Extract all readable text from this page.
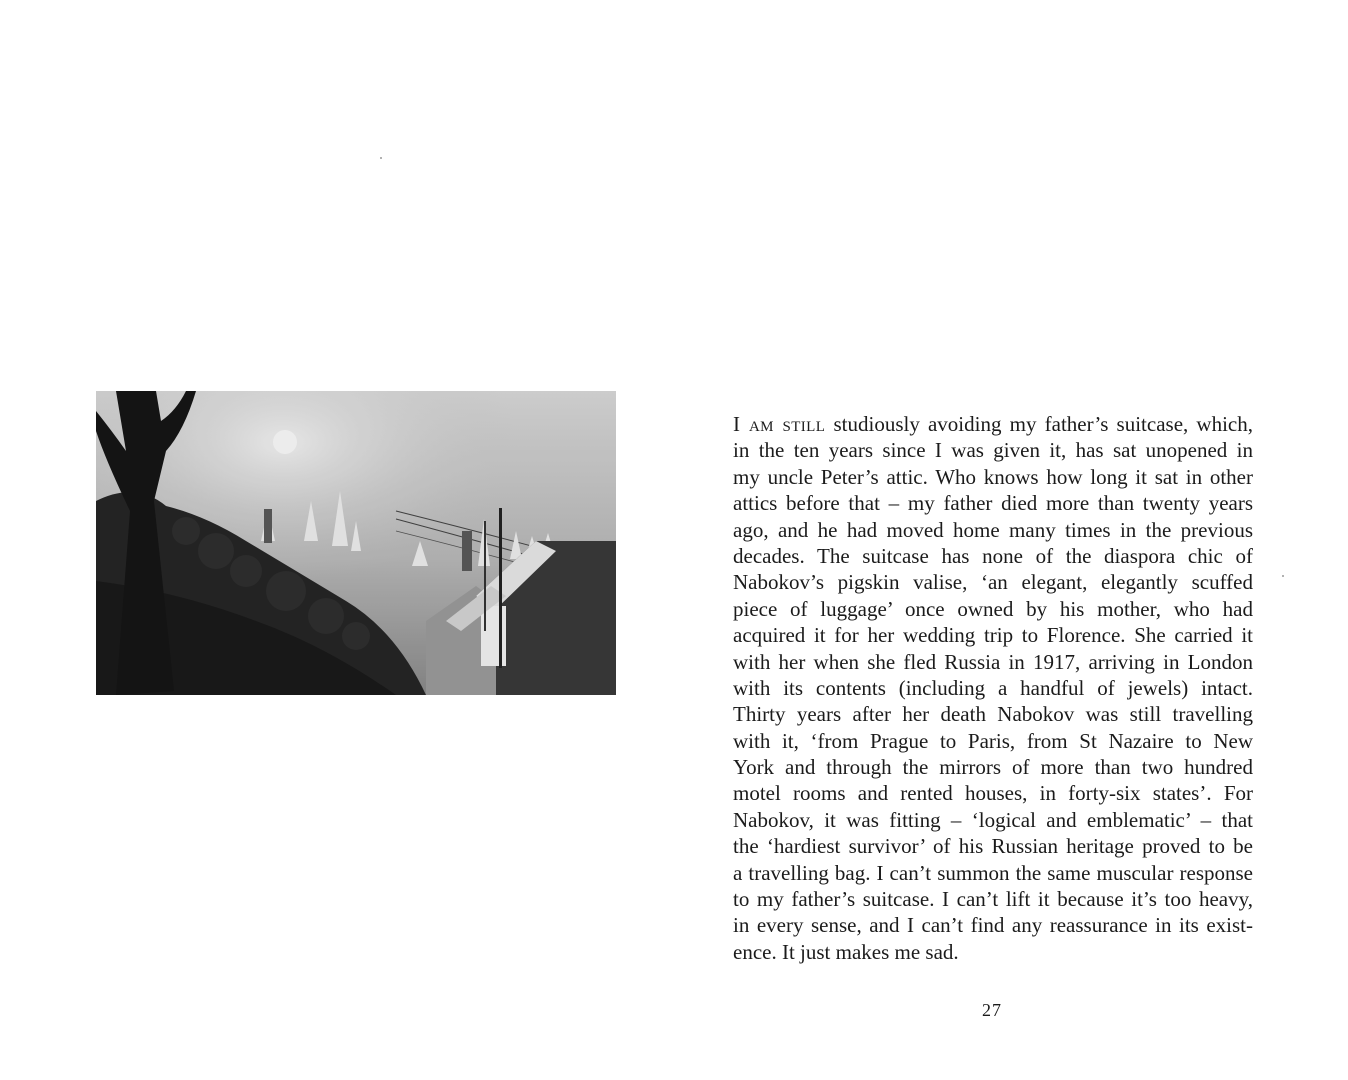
I am still studiously avoiding my father’s suitcase, which,
in the ten years since I was given it, has sat unopened in
my uncle Peter’s attic. Who knows how long it sat in other
attics before that – my father died more than twenty years
ago, and he had moved home many times in the previous
decades. The suitcase has none of the diaspora chic of
Nabokov’s pigskin valise, ‘an elegant, elegantly scuffed
piece of luggage’ once owned by his mother, who had
acquired it for her wedding trip to Florence. She carried it
with her when she fled Russia in 1917, arriving in London
with its contents (including a handful of jewels) intact.
Thirty years after her death Nabokov was still travelling
with it, ‘from Prague to Paris, from St Nazaire to New
York and through the mirrors of more than two hundred
motel rooms and rented houses, in forty-six states’. For
Nabokov, it was fitting – ‘logical and emblematic’ – that
the ‘hardiest survivor’ of his Russian heritage proved to be
a travelling bag. I can’t summon the same muscular response
to my father’s suitcase. I can’t lift it because it’s too heavy,
in every sense, and I can’t find any reassurance in its exist-
ence. It just makes me sad.
27
